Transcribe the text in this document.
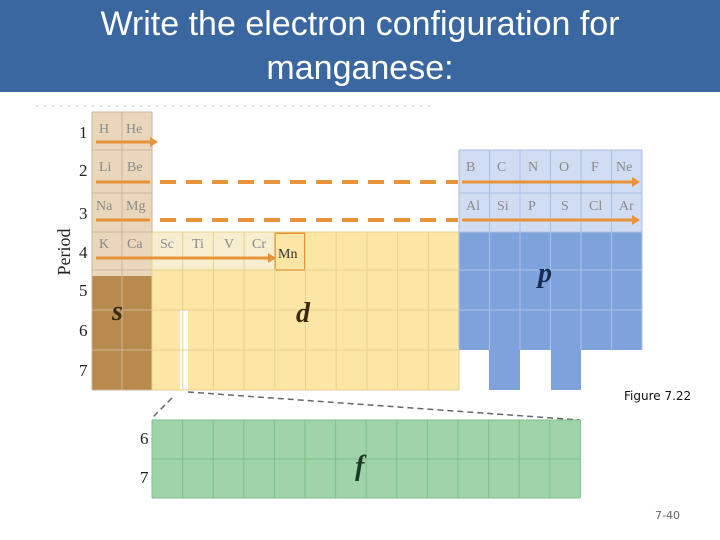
Write the electron configuration for manganese:
Period
1
2
3
4
5
6
7
H He
Li Be
Na Mg
K Ca Sc Ti V Cr
B C N O F Ne
Al Si P S Cl Ar
Mn
s	d
p
f
6
7
Figure 7.22
7-40
